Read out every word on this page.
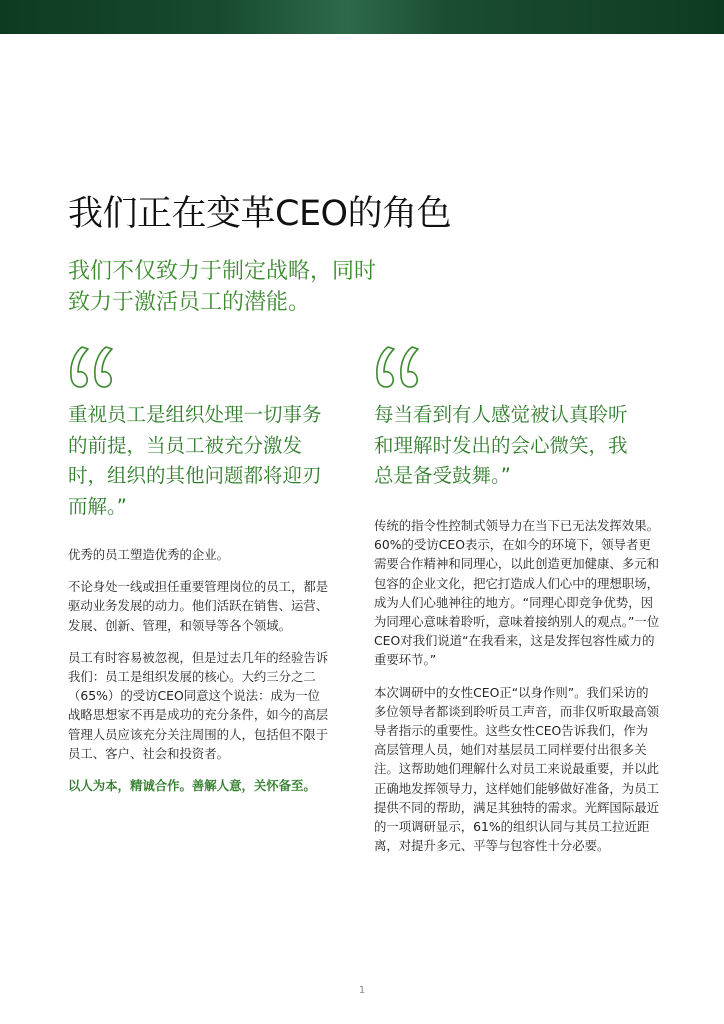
我们正在变革CEO的角色
我们不仅致力于制定战略，同时
致力于激活员工的潜能。

重视员工是组织处理一切事务的前提，当员工被充分激发时，组织的其他问题都将迎刃而解。”

优秀的员工塑造优秀的企业。

不论身处一线或担任重要管理岗位的员工，都是驱动业务发展的动力。他们活跃在销售、运营、发展、创新、管理，和领导等各个领域。

员工有时容易被忽视，但是过去几年的经验告诉我们：员工是组织发展的核心。大约三分之二（65%）的受访CEO同意这个说法：成为一位战略思想家不再是成功的充分条件，如今的高层管理人员应该充分关注周围的人，包括但不限于员工、客户、社会和投资者。

以人为本，精诚合作。善解人意，关怀备至。

每当看到有人感觉被认真聆听和理解时发出的会心微笑，我总是备受鼓舞。”

传统的指令性控制式领导力在当下已无法发挥效果。60%的受访CEO表示，在如今的环境下，领导者更需要合作精神和同理心，以此创造更加健康、多元和包容的企业文化，把它打造成人们心中的理想职场，成为人们心驰神往的地方。“同理心即竞争优势，因为同理心意味着聆听，意味着接纳别人的观点。”一位CEO对我们说道“在我看来，这是发挥包容性威力的重要环节。”

本次调研中的女性CEO正“以身作则”。我们采访的多位领导者都谈到聆听员工声音，而非仅听取最高领导者指示的重要性。这些女性CEO告诉我们，作为高层管理人员，她们对基层员工同样要付出很多关注。这帮助她们理解什么对员工来说最重要，并以此正确地发挥领导力，这样她们能够做好准备，为员工提供不同的帮助，满足其独特的需求。光辉国际最近的一项调研显示，61%的组织认同与其员工拉近距离，对提升多元、平等与包容性十分必要。

1
